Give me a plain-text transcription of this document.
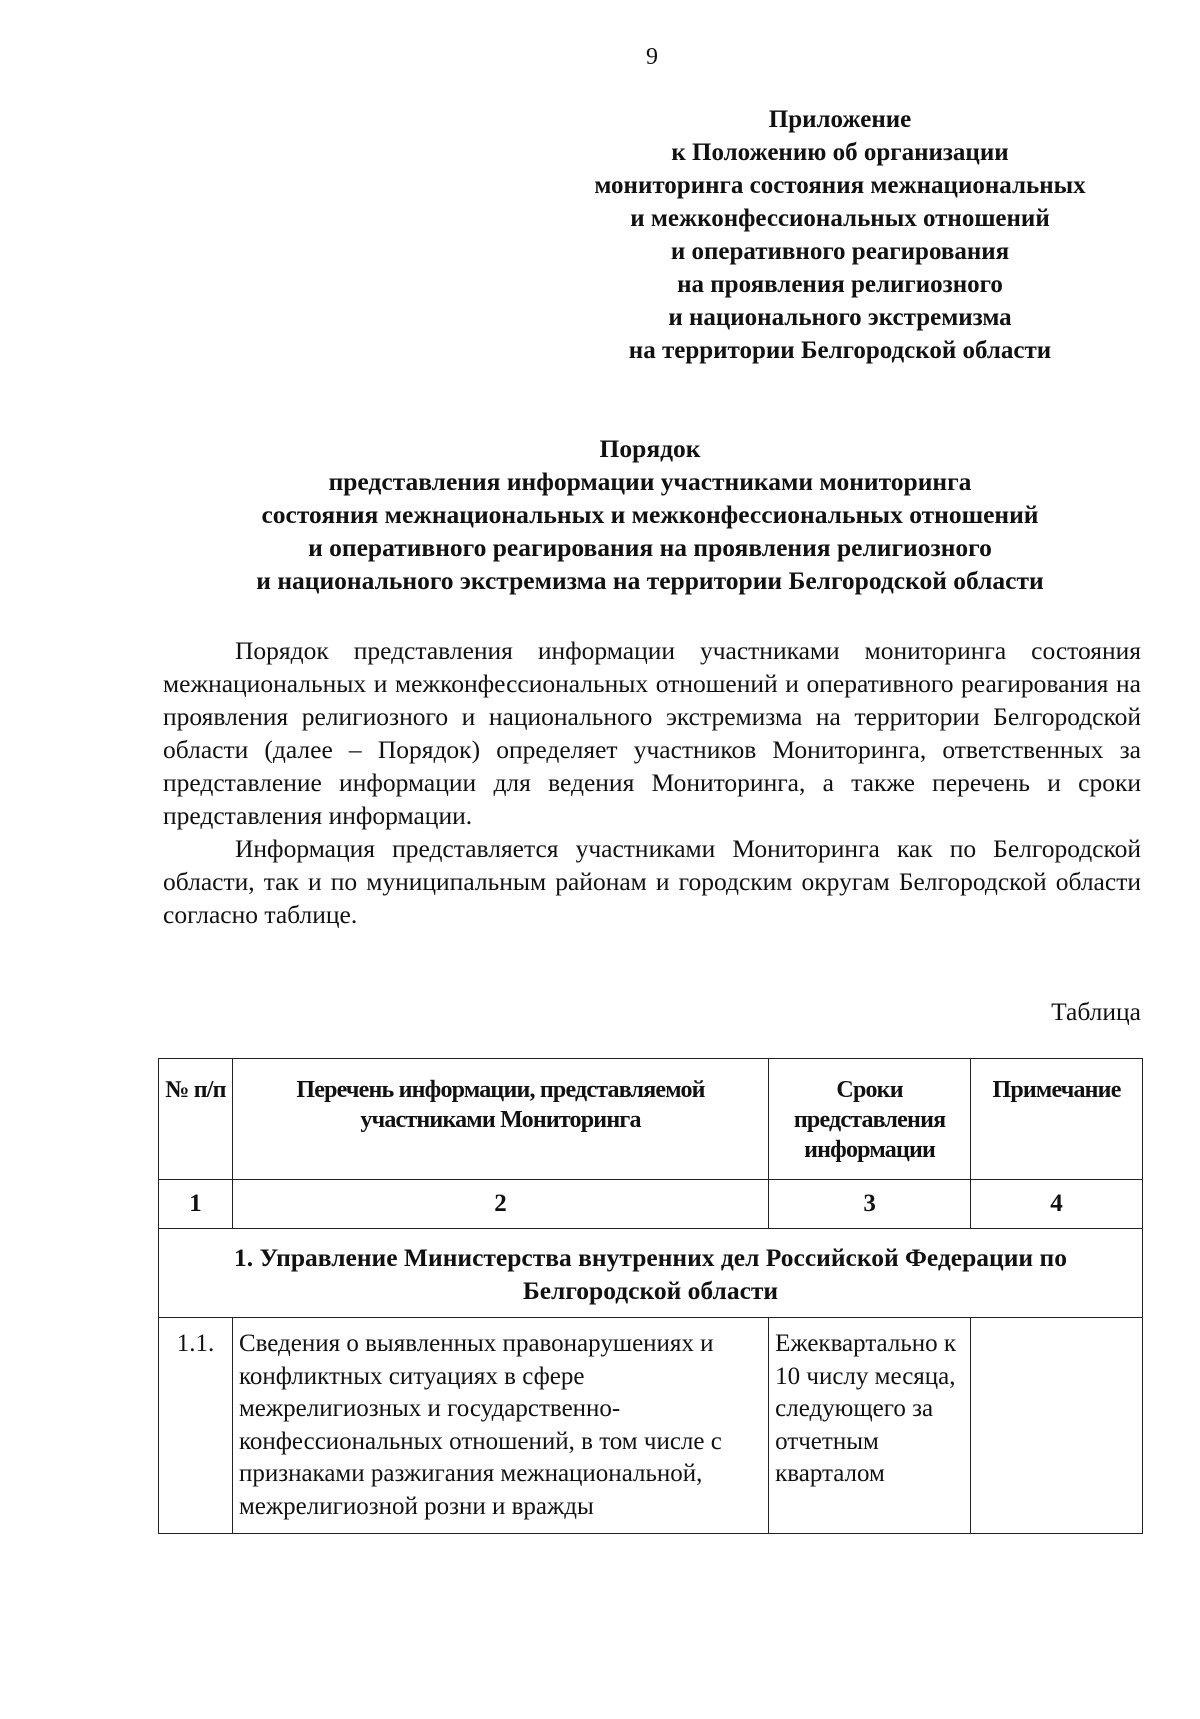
9
Приложение
к Положению об организации
мониторинга состояния межнациональных
и межконфессиональных отношений
и оперативного реагирования
на проявления религиозного
и национального экстремизма
на территории Белгородской области
Порядок
представления информации участниками мониторинга
состояния межнациональных и межконфессиональных отношений
и оперативного реагирования на проявления религиозного
и национального экстремизма на территории Белгородской области

Порядок представления информации участниками мониторинга состояния межнациональных и межконфессиональных отношений и оперативного реагирования на проявления религиозного и национального экстремизма на территории Белгородской области (далее – Порядок) определяет участников Мониторинга, ответственных за представление информации для ведения Мониторинга, а также перечень и сроки представления информации.

Информация представляется участниками Мониторинга как по Белгородской области, так и по муниципальным районам и городским округам Белгородской области согласно таблице.

Таблица
№ п/п	Перечень информации, представляемой участниками Мониторинга	Сроки представления информации	Примечание
1	2	3	4
1. Управление Министерства внутренних дел Российской Федерации по Белгородской области			
1.1.	Сведения о выявленных правонарушениях и конфликтных ситуациях в сфере межрелигиозных и государственно-конфессиональных отношений, в том числе с признаками разжигания межнациональной, межрелигиозной розни и вражды	Ежеквартально к 10 числу месяца, следующего за отчетным кварталом	
